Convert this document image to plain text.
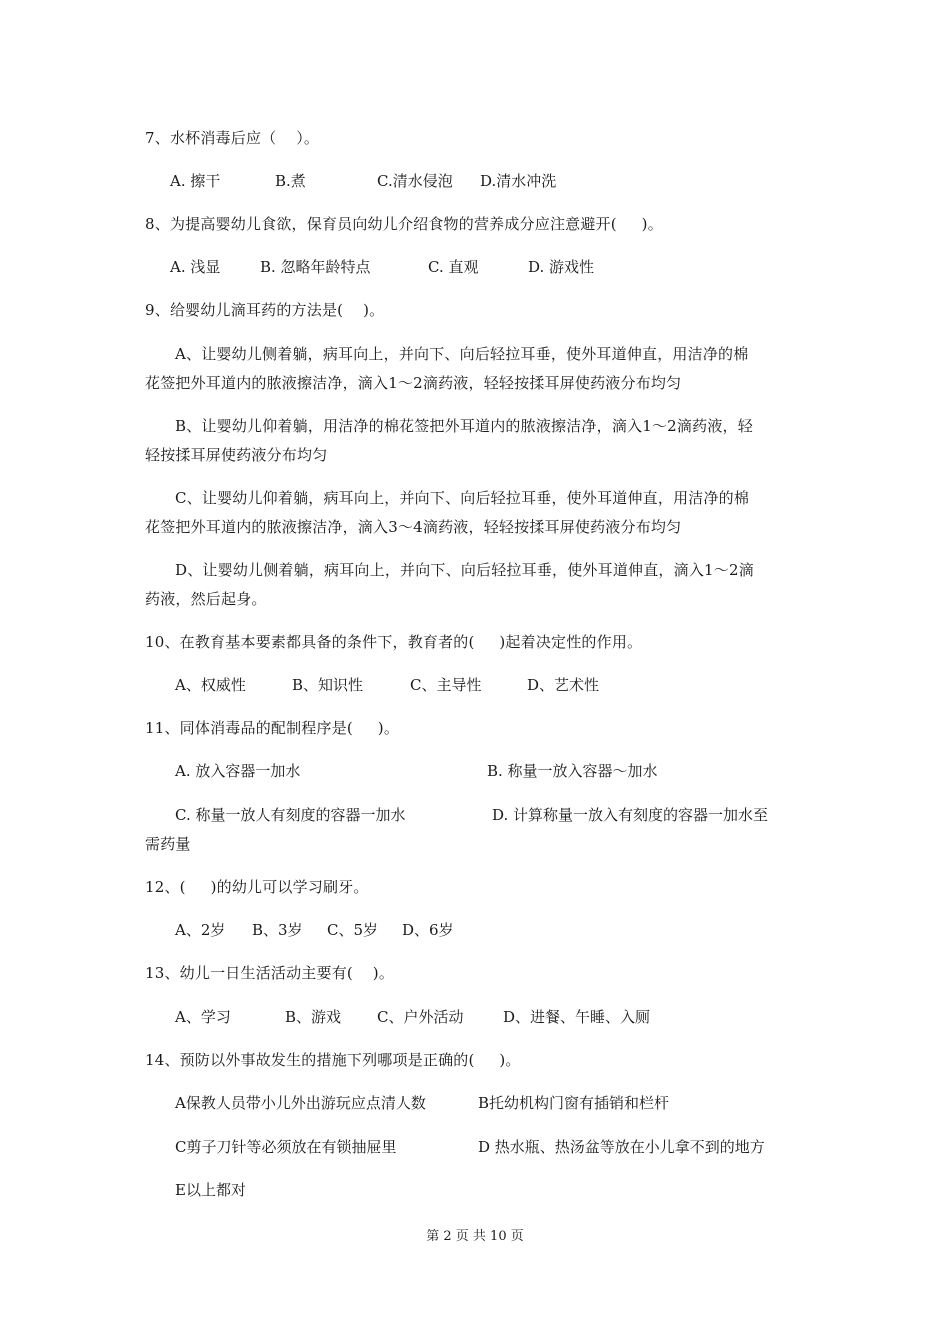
7、水杯消毒后应（    ）。
A. 擦干	B.煮	C.清水侵泡 D.清水冲洗
8、为提高婴幼儿食欲，保育员向幼儿介绍食物的营养成分应注意避开(     )。
A. 浅显	B. 忽略年龄特点	C. 直观	D. 游戏性
9、给婴幼儿滴耳药的方法是(    )。
A、让婴幼儿侧着躺，病耳向上，并向下、向后轻拉耳垂，使外耳道伸直，用洁净的棉
花签把外耳道内的脓液擦洁净，滴入1～2滴药液，轻轻按揉耳屏使药液分布均匀
B、让婴幼儿仰着躺，用洁净的棉花签把外耳道内的脓液擦洁净，滴入1～2滴药液，轻
轻按揉耳屏使药液分布均匀
C、让婴幼儿仰着躺，病耳向上，并向下、向后轻拉耳垂，使外耳道伸直，用洁净的棉
花签把外耳道内的脓液擦洁净，滴入3～4滴药液，轻轻按揉耳屏使药液分布均匀
D、让婴幼儿侧着躺，病耳向上，并向下、向后轻拉耳垂，使外耳道伸直，滴入1～2滴
药液，然后起身。
10、在教育基本要素都具备的条件下，教育者的(     )起着决定性的作用。
A、权威性	B、知识性	C、主导性	D、艺术性
11、同体消毒品的配制程序是(     )。
A. 放入容器一加水	B. 称量一放入容器～加水
C. 称量一放人有刻度的容器一加水	D. 计算称量一放入有刻度的容器一加水至
需药量
12、(     )的幼儿可以学习刷牙。
A、2岁 B、3岁 C、5岁 D、6岁
13、幼儿一日生活活动主要有(    )。
A、学习	B、游戏 C、户外活动	D、进餐、午睡、入厕
14、预防以外事故发生的措施下列哪项是正确的(     )。
A保教人员带小儿外出游玩应点清人数	B托幼机构门窗有插销和栏杆
C剪子刀针等必须放在有锁抽屉里	D 热水瓶、热汤盆等放在小儿拿不到的地方
E以上都对
第 2 页 共 10 页
